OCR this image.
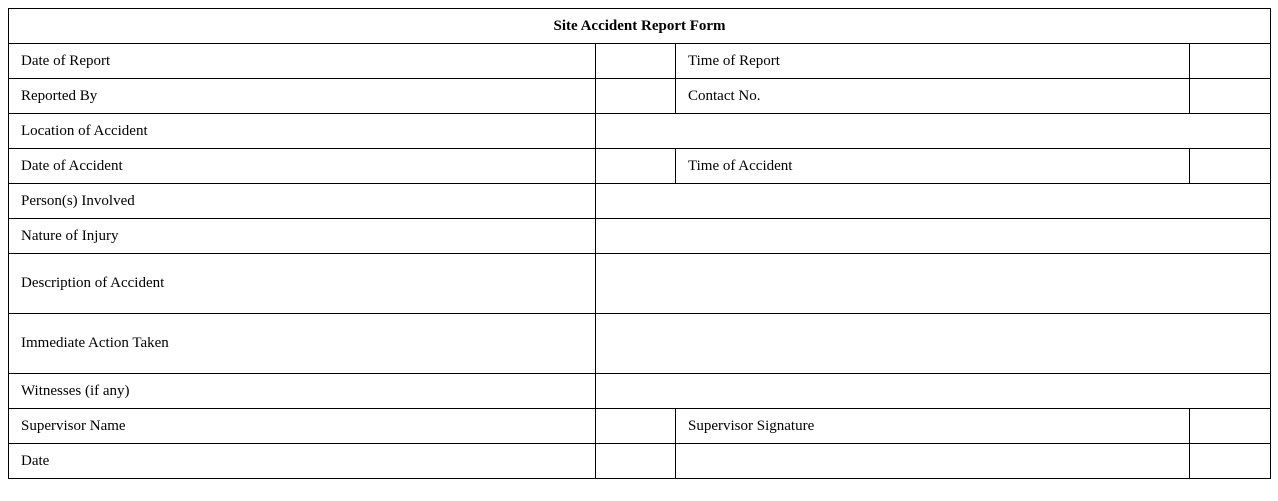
Site Accident Report Form			
Date of Report		Time of Report	
Reported By		Contact No.	
Location of Accident			
Date of Accident		Time of Accident	
Person(s) Involved			
Nature of Injury			
Description of Accident			
Immediate Action Taken			
Witnesses (if any)			
Supervisor Name		Supervisor Signature	
Date			
